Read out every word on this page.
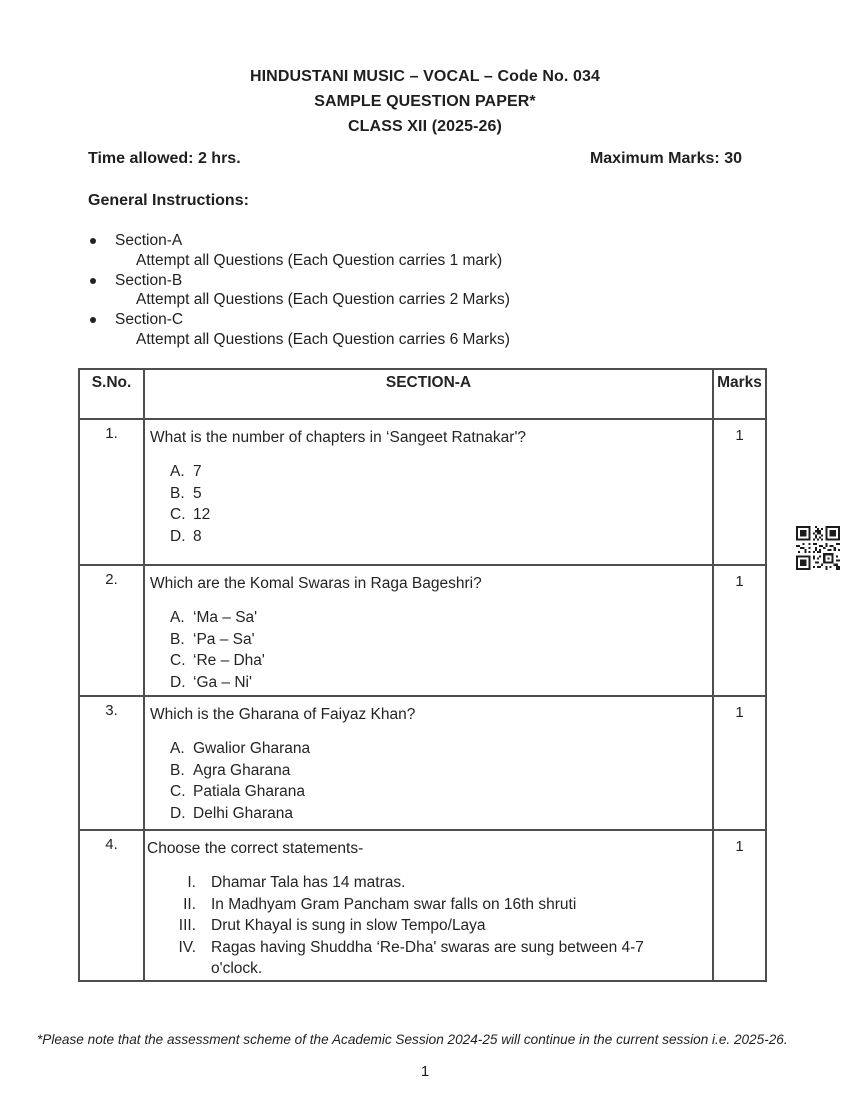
HINDUSTANI MUSIC – VOCAL – Code No. 034
SAMPLE QUESTION PAPER*
CLASS XII (2025-26)
Time allowed: 2 hrs.	Maximum Marks: 30
General Instructions:
Section-A
Attempt all Questions (Each Question carries 1 mark)
Section-B
Attempt all Questions (Each Question carries 2 Marks)
Section-C
Attempt all Questions (Each Question carries 6 Marks)
S.No.	SECTION-A	Marks
1.	What is the number of chapters in ‘Sangeet Ratnakar'?
A. 7
B. 5
C. 12
D. 8
	1
2.	Which are the Komal Swaras in Raga Bageshri?
A. ‘Ma – Sa'
B. ‘Pa – Sa'
C. ‘Re – Dha'
D. ‘Ga – Ni'
	1
3.	Which is the Gharana of Faiyaz Khan?
A. Gwalior Gharana
B. Agra Gharana
C. Patiala Gharana
D. Delhi Gharana
	1
4.	Choose the correct statements-
I. Dhamar Tala has 14 matras.
II. In Madhyam Gram Pancham swar falls on 16th shruti
III. Drut Khayal is sung in slow Tempo/Laya
IV. Ragas having Shuddha ‘Re-Dha' swaras are sung between 4-7 o'clock.
	1
*Please note that the assessment scheme of the Academic Session 2024-25 will continue in the current session i.e. 2025-26.
1
